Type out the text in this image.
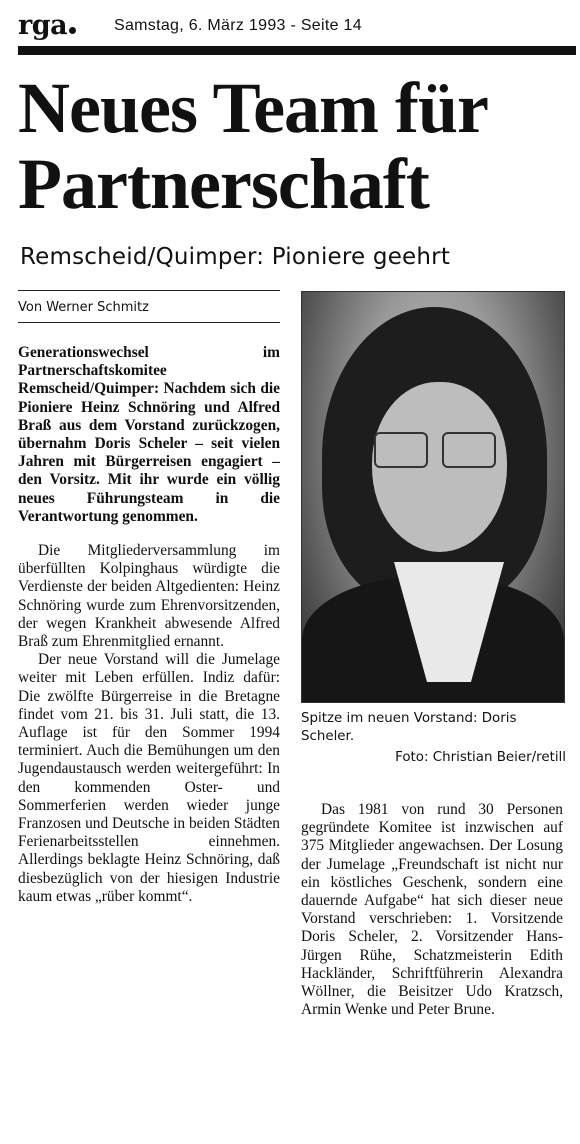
rga	Samstag, 6. März 1993 - Seite 14
Neues Team für Partnerschaft
Remscheid/Quimper: Pioniere geehrt
Von Werner Schmitz

Generationswechsel im Partnerschaftskomitee Remscheid/Quimper: Nachdem sich die Pioniere Heinz Schnöring und Alfred Braß aus dem Vorstand zurückzogen, übernahm Doris Scheler – seit vielen Jahren mit Bürgerreisen engagiert – den Vorsitz. Mit ihr wurde ein völlig neues Führungsteam in die Verantwortung genommen.

Die Mitgliederversammlung im überfüllten Kolpinghaus würdigte die Verdienste der beiden Altgedienten: Heinz Schnöring wurde zum Ehrenvorsitzenden, der wegen Krankheit abwesende Alfred Braß zum Ehrenmitglied ernannt.

Der neue Vorstand will die Jumelage weiter mit Leben erfüllen. Indiz dafür: Die zwölfte Bürgerreise in die Bretagne findet vom 21. bis 31. Juli statt, die 13. Auflage ist für den Sommer 1994 terminiert. Auch die Bemühungen um den Jugendaustausch werden weitergeführt: In den kommenden Oster- und Sommerferien werden wieder junge Franzosen und Deutsche in beiden Städten Ferienarbeitsstellen einnehmen. Allerdings beklagte Heinz Schnöring, daß diesbezüglich von der hiesigen Industrie kaum etwas „rüber kommt“.

Spitze im neuen Vorstand: Doris Scheler.
Foto: Christian Beier/retill

Das 1981 von rund 30 Personen gegründete Komitee ist inzwischen auf 375 Mitglieder angewachsen. Der Losung der Jumelage „Freundschaft ist nicht nur ein köstliches Geschenk, sondern eine dauernde Aufgabe“ hat sich dieser neue Vorstand verschrieben: 1. Vorsitzende Doris Scheler, 2. Vorsitzender Hans-Jürgen Rühe, Schatzmeisterin Edith Hackländer, Schriftführerin Alexandra Wöllner, die Beisitzer Udo Kratzsch, Armin Wenke und Peter Brune.
